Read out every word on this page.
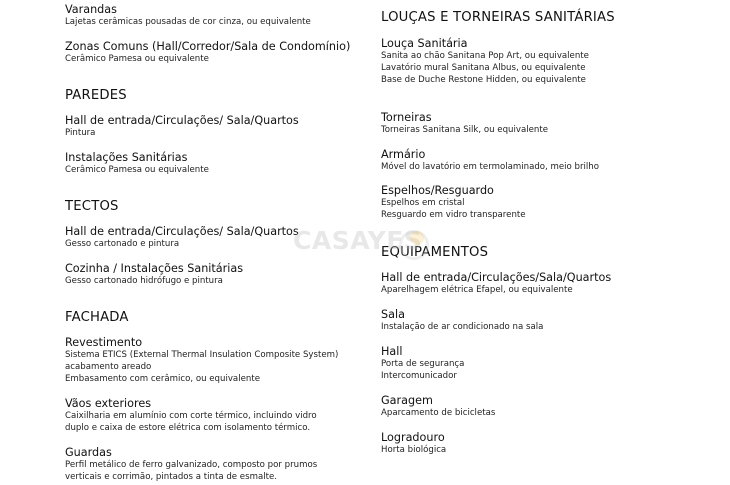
Varandas
Lajetas cerâmicas pousadas de cor cinza, ou equivalente
Zonas Comuns (Hall/Corredor/Sala de Condomínio)
Cerâmico Pamesa ou equivalente
PAREDES
Hall de entrada/Circulações/ Sala/Quartos
Pintura
Instalações Sanitárias
Cerâmico Pamesa ou equivalente
TECTOS
Hall de entrada/Circulações/ Sala/Quartos
Gesso cartonado e pintura
Cozinha / Instalações Sanitárias
Gesso cartonado hidrófugo e pintura
FACHADA
Revestimento
Sistema ETICS (External Thermal Insulation Composite System)
acabamento areado
Embasamento com cerâmico, ou equivalente
Vãos exteriores
Caixilharia em alumínio com corte térmico, incluindo vidro
duplo e caixa de estore elétrica com isolamento térmico.
Guardas
Perfil metálico de ferro galvanizado, composto por prumos
verticais e corrimão, pintados a tinta de esmalte.
LOUÇAS E TORNEIRAS SANITÁRIAS
Louça Sanitária
Sanita ao chão Sanitana Pop Art, ou equivalente
Lavatório mural Sanitana Albus, ou equivalente
Base de Duche Restone Hidden, ou equivalente
Torneiras
Torneiras Sanitana Silk, ou equivalente
Armário
Móvel do lavatório em termolaminado, meio brilho
Espelhos/Resguardo
Espelhos em cristal
Resguardo em vidro transparente
EQUIPAMENTOS
Hall de entrada/Circulações/Sala/Quartos
Aparelhagem elétrica Efapel, ou equivalente
Sala
Instalação de ar condicionado na sala
Hall
Porta de segurança
Intercomunicador
Garagem
Aparcamento de bicicletas
Logradouro
Horta biológica
CASAYES
